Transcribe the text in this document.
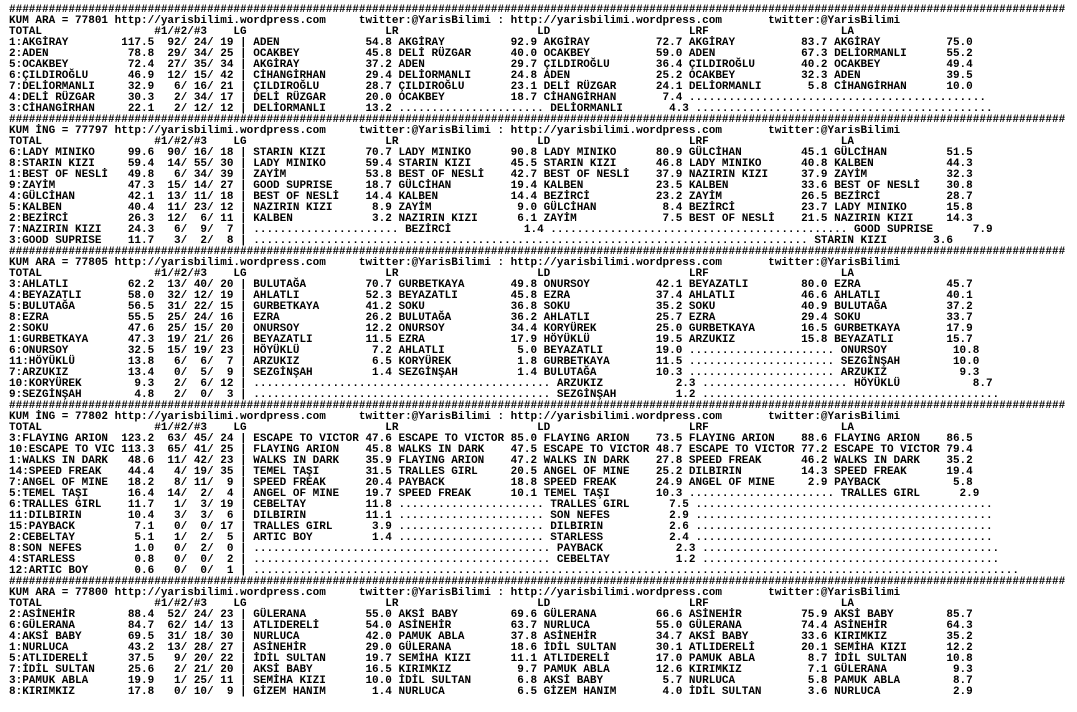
################################################################################################################################################################
KUM ARA = 77801 http://yarisbilimi.wordpress.com     twitter:@YarisBilimi : http://yarisbilimi.wordpress.com       twitter:@YarisBilimi
TOTAL                 #1/#2/#3    LG                     LR                     LD                     LRF                    LA
1:AKGİRAY        117.5  92/ 24/ 19 | ADEN             54.8 AKGİRAY          92.9 AKGİRAY          72.7 AKGİRAY          83.7 AKGİRAY          75.0
2:ADEN            78.8  29/ 34/ 25 | OCAKBEY          45.8 DELİ RÜZGAR      40.0 OCAKBEY          59.0 ADEN             67.3 DELİORMANLI      55.2
5:OCAKBEY         72.4  27/ 35/ 34 | AKGİRAY          37.2 ADEN             29.7 ÇILDIROĞLU       36.4 ÇILDIROĞLU       40.2 OCAKBEY          49.4
6:ÇILDIROĞLU      46.9  12/ 15/ 42 | CİHANGİRHAN      29.4 DELİORMANLI      24.8 ADEN             25.2 OCAKBEY          32.3 ADEN             39.5
7:DELİORMANLI     32.9   6/ 16/ 21 | ÇILDIROĞLU       28.7 ÇILDIROĞLU       23.1 DELİ RÜZGAR      24.1 DELİORMANLI       5.8 CİHANGİRHAN      10.0
4:DELİ RÜZGAR     30.3   2/ 34/ 17 | DELİ RÜZGAR      20.0 OCAKBEY          18.7 CİHANGİRHAN       7.4 .............................................
3:CİHANGİRHAN     22.1   2/ 12/ 12 | DELİORMANLI      13.2 ...................... DELİORMANLI       4.3 .............................................
################################################################################################################################################################
KUM İNG = 77797 http://yarisbilimi.wordpress.com     twitter:@YarisBilimi : http://yarisbilimi.wordpress.com       twitter:@YarisBilimi
TOTAL                 #1/#2/#3    LG                     LR                     LD                     LRF                    LA
6:LADY MINIKO     99.6  90/ 16/ 18 | STARIN KIZI      70.7 LADY MINIKO      90.8 LADY MINIKO      80.9 GÜLCİHAN         45.1 GÜLCİHAN         51.5
8:STARIN KIZI     59.4  14/ 55/ 30 | LADY MINIKO      59.4 STARIN KIZI      45.5 STARIN KIZI      46.8 LADY MINIKO      40.8 KALBEN           44.3
1:BEST OF NESLİ   49.8   6/ 34/ 39 | ZAYİM            53.8 BEST OF NESLİ    42.7 BEST OF NESLİ    37.9 NAZIRIN KIZI     37.9 ZAYİM            32.3
9:ZAYİM           47.3  15/ 14/ 27 | GOOD SUPRISE     18.7 GÜLCİHAN         19.4 KALBEN           23.5 KALBEN           33.6 BEST OF NESLİ    30.8
4:GÜLCİHAN        42.1  13/ 11/ 18 | BEST OF NESLİ    14.4 KALBEN           14.4 BEZİRCİ          23.2 ZAYİM            26.5 BEZİRCİ          28.7
5:KALBEN          40.4  11/ 23/ 12 | NAZIRIN KIZI      8.9 ZAYİM             9.0 GÜLCİHAN          8.4 BEZİRCİ          23.7 LADY MINIKO      15.8
2:BEZİRCİ         26.3  12/  6/ 11 | KALBEN            3.2 NAZIRIN KIZI      6.1 ZAYİM             7.5 BEST OF NESLİ    21.5 NAZIRIN KIZI     14.3
7:NAZIRIN KIZI    24.3   6/  9/  7 | ...................... BEZİRCİ           1.4 ............................................. GOOD SUPRISE      7.9
3:GOOD SUPRISE    11.7   3/  2/  8 | .................................................................................... STARIN KIZI       3.6
################################################################################################################################################################
KUM ARA = 77805 http://yarisbilimi.wordpress.com     twitter:@YarisBilimi : http://yarisbilimi.wordpress.com       twitter:@YarisBilimi
TOTAL                 #1/#2/#3    LG                     LR                     LD                     LRF                    LA
3:AHLATLI         62.2  13/ 40/ 20 | BULUTAĞA         70.7 GURBETKAYA       49.8 ONURSOY          42.1 BEYAZATLI        80.0 EZRA             45.7
4:BEYAZATLI       58.0  32/ 12/ 19 | AHLATLI          52.3 BEYAZATLI        45.8 EZRA             37.4 AHLATLI          46.6 AHLATLI          40.1
5:BULUTAĞA        56.5  31/ 22/ 15 | GURBETKAYA       41.2 SOKU             36.8 SOKU             35.2 SOKU             40.9 BULUTAĞA         37.2
8:EZRA            55.5  25/ 24/ 16 | EZRA             26.2 BULUTAĞA         36.2 AHLATLI          25.7 EZRA             29.4 SOKU             33.7
2:SOKU            47.6  25/ 15/ 20 | ONURSOY          12.2 ONURSOY          34.4 KORYÜREK         25.0 GURBETKAYA       16.5 GURBETKAYA       17.9
1:GURBETKAYA      47.3  19/ 21/ 26 | BEYAZATLI        11.5 EZRA             17.9 HÖYÜKLÜ          19.5 ARZUKIZ          15.8 BEYAZATLI        15.7
6:ONURSOY         32.5  15/ 19/ 23 | HÖYÜKLÜ           7.2 AHLATLI           5.0 BEYAZATLI        19.0 ...................... ONURSOY          10.8
11:HÖYÜKLÜ        13.8   6/  6/  7 | ARZUKIZ           6.5 KORYÜREK          1.8 GURBETKAYA       11.5 ...................... SEZGİNŞAH        10.0
7:ARZUKIZ         13.4   0/  5/  9 | SEZGİNŞAH         1.4 SEZGİNŞAH         1.4 BULUTAĞA         10.3 ...................... ARZUKIZ           9.3
10:KORYÜREK        9.3   2/  6/ 12 | ............................................. ARZUKIZ           2.3 ...................... HÖYÜKLÜ           8.7
9:SEZGİNŞAH        4.8   2/  0/  3 | ............................................. SEZGİNŞAH         1.2 .............................................
################################################################################################################################################################
KUM İNG = 77802 http://yarisbilimi.wordpress.com     twitter:@YarisBilimi : http://yarisbilimi.wordpress.com       twitter:@YarisBilimi
TOTAL                 #1/#2/#3    LG                     LR                     LD                     LRF                    LA
3:FLAYING ARION  123.2  63/ 45/ 24 | ESCAPE TO VICTOR 47.6 ESCAPE TO VICTOR 85.0 FLAYING ARION    73.5 FLAYING ARION    88.6 FLAYING ARION    86.5
10:ESCAPE TO VIC 113.3  65/ 41/ 25 | FLAYING ARION    45.8 WALKS IN DARK    47.5 ESCAPE TO VICTOR 48.7 ESCAPE TO VICTOR 77.2 ESCAPE TO VICTOR 79.4
1:WALKS IN DARK   48.6  11/ 42/ 23 | WALKS IN DARK    35.9 FLAYING ARION    47.2 WALKS IN DARK    27.8 SPEED FREAK      46.2 WALKS IN DARK    35.2
14:SPEED FREAK    44.4   4/ 19/ 35 | TEMEL TAŞI       31.5 TRALLES GIRL     20.5 ANGEL OF MINE    25.2 DILBIRIN         14.3 SPEED FREAK      19.4
7:ANGEL OF MINE   18.2   8/ 11/  9 | SPEED FREAK      20.4 PAYBACK          18.8 SPEED FREAK      24.9 ANGEL OF MINE     2.9 PAYBACK           5.8
5:TEMEL TAŞI      16.4  14/  2/  4 | ANGEL OF MINE    19.7 SPEED FREAK      10.1 TEMEL TAŞI       10.3 ...................... TRALLES GIRL      2.9
6:TRALLES GIRL    11.7   1/  3/ 19 | CEBELTAY         11.8 ...................... TRALLES GIRL      7.5 .............................................
11:DILBIRIN       10.4   3/  3/  6 | DILBIRIN         11.1 ...................... SON NEFES         2.9 .............................................
15:PAYBACK         7.1   0/  0/ 17 | TRALLES GIRL      3.9 ...................... DILBIRIN          2.6 .............................................
2:CEBELTAY         5.1   1/  2/  5 | ARTIC BOY         1.4 ...................... STARLESS          2.4 .............................................
8:SON NEFES        1.0   0/  2/  0 | ............................................. PAYBACK           2.3 .............................................
4:STARLESS         0.8   0/  0/  2 | ............................................. CEBELTAY          1.2 .............................................
12:ARTIC BOY       0.6   0/  0/  1 | ....................................................................................................................
################################################################################################################################################################
KUM ARA = 77800 http://yarisbilimi.wordpress.com     twitter:@YarisBilimi : http://yarisbilimi.wordpress.com       twitter:@YarisBilimi
TOTAL                 #1/#2/#3    LG                     LR                     LD                     LRF                    LA
2:ASİNEHİR        88.4  52/ 24/ 23 | GÜLERANA         55.0 AKSİ BABY        69.6 GÜLERANA         66.6 ASİNEHİR         75.9 AKSİ BABY        85.7
6:GÜLERANA        84.7  62/ 14/ 13 | ATLIDERELİ       54.0 ASİNEHİR         63.7 NURLUCA          55.0 GÜLERANA         74.4 ASİNEHİR         64.3
4:AKSİ BABY       69.5  31/ 18/ 30 | NURLUCA          42.0 PAMUK ABLA       37.8 ASİNEHİR         34.7 AKSİ BABY        33.6 KIRIMKIZ         35.2
1:NURLUCA         43.2  13/ 28/ 27 | ASİNEHİR         29.0 GÜLERANA         18.6 İDİL SULTAN      30.1 ATLIDERELİ       20.1 SEMİHA KIZI      12.2
5:ATLIDERELİ      37.5   9/ 20/ 22 | İDİL SULTAN      19.7 SEMİHA KIZI      11.1 ATLIDERELİ       17.0 PAMUK ABLA        8.7 İDİL SULTAN      10.8
7:İDİL SULTAN     25.6   2/ 21/ 20 | AKSİ BABY        16.5 KIRIMKIZ          9.7 PAMUK ABLA       12.6 KIRIMKIZ          7.1 GÜLERANA          9.3
3:PAMUK ABLA      19.9   1/ 25/ 11 | SEMİHA KIZI      10.0 İDİL SULTAN       6.8 AKSİ BABY         5.7 NURLUCA           5.8 PAMUK ABLA        8.7
8:KIRIMKIZ        17.8   0/ 10/  9 | GİZEM HANIM       1.4 NURLUCA           6.5 GİZEM HANIM       4.0 İDİL SULTAN       3.6 NURLUCA           2.9
